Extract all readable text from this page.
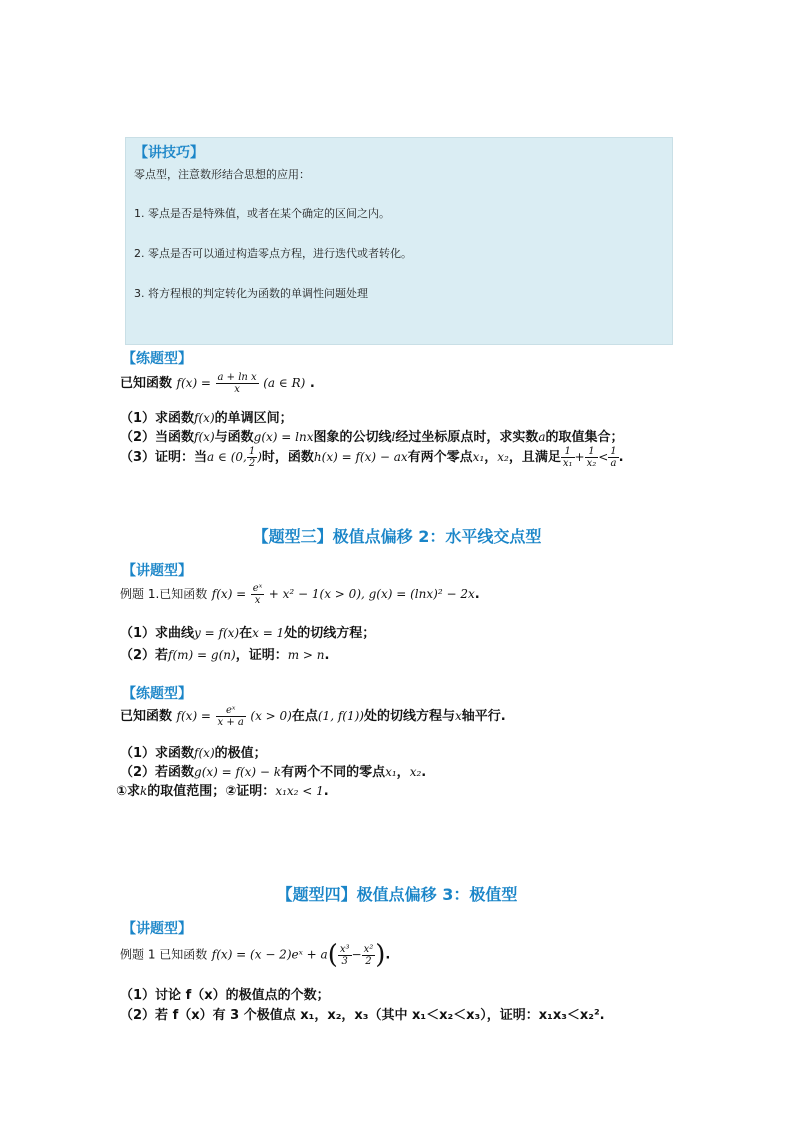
【讲技巧】
零点型，注意数形结合思想的应用：
1. 零点是否是特殊值，或者在某个确定的区间之内。
2. 零点是否可以通过构造零点方程，进行迭代或者转化。
3. 将方程根的判定转化为函数的单调性问题处理
【练题型】
已知函数 $f(x) = \frac{\text{a + ln x}}{x} (a$ ∈ R) .
（1）求函数f(x)的单调区间；
（2）当函数f(x)与函数g(x) = lnx图象的公切线l经过坐标原点时，求实数a的取值集合；
（3）证明：当a ∈ (0, $\frac{1}{2}$ )时，函数h(x) = f(x) − ax有两个零点x₁，x₂，且满足 $\frac{1}{\text{x₁}} + \frac{1}{\text{x₂}} < \frac{1}{a}$ .
【题型三】极值点偏移 2：水平线交点型
【讲题型】
例题 1.已知函数 $f(x) = \frac{\text{eˣ}}{x} + x^2 - 1(x > 0)$, g(x) = (lnx)² − 2x.
（1）求曲线y = f(x)在x = 1处的切线方程；
（2）若f(m) = g(n)，证明：m > n.
【练题型】
已知函数 $f(x) = \frac{\text{eˣ}}{x + a} (x > 0)$在点(1, f(1))处的切线方程与x轴平行.
（1）求函数f(x)的极值；
（2）若函数g(x) = f(x) − k有两个不同的零点x₁，x₂.
①求k的取值范围；②证明：x₁x₂ < 1.
【题型四】极值点偏移 3：极值型
【讲题型】
例题 1 已知函数 f(x) = (x − 2)eˣ + $a( \frac{\text{x³}}{3} - \frac{\text{x²}}{2}$ ).
（1）讨论 f（x）的极值点的个数；
（2）若 f（x）有 3 个极值点 x₁，x₂，x₃（其中 x₁＜x₂＜x₃），证明：x₁x₃＜x₂².
